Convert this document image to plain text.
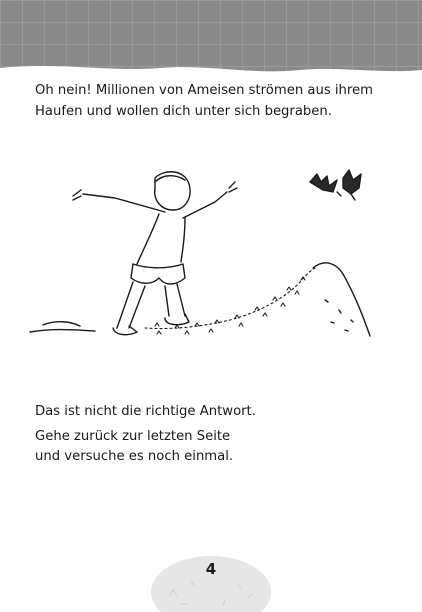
Oh nein! Millionen von Ameisen strömen aus ihrem Haufen und wollen dich unter sich begraben.

Das ist nicht die richtige Antwort.

Gehe zurück zur letzten Seite und versuche es noch einmal.

4
